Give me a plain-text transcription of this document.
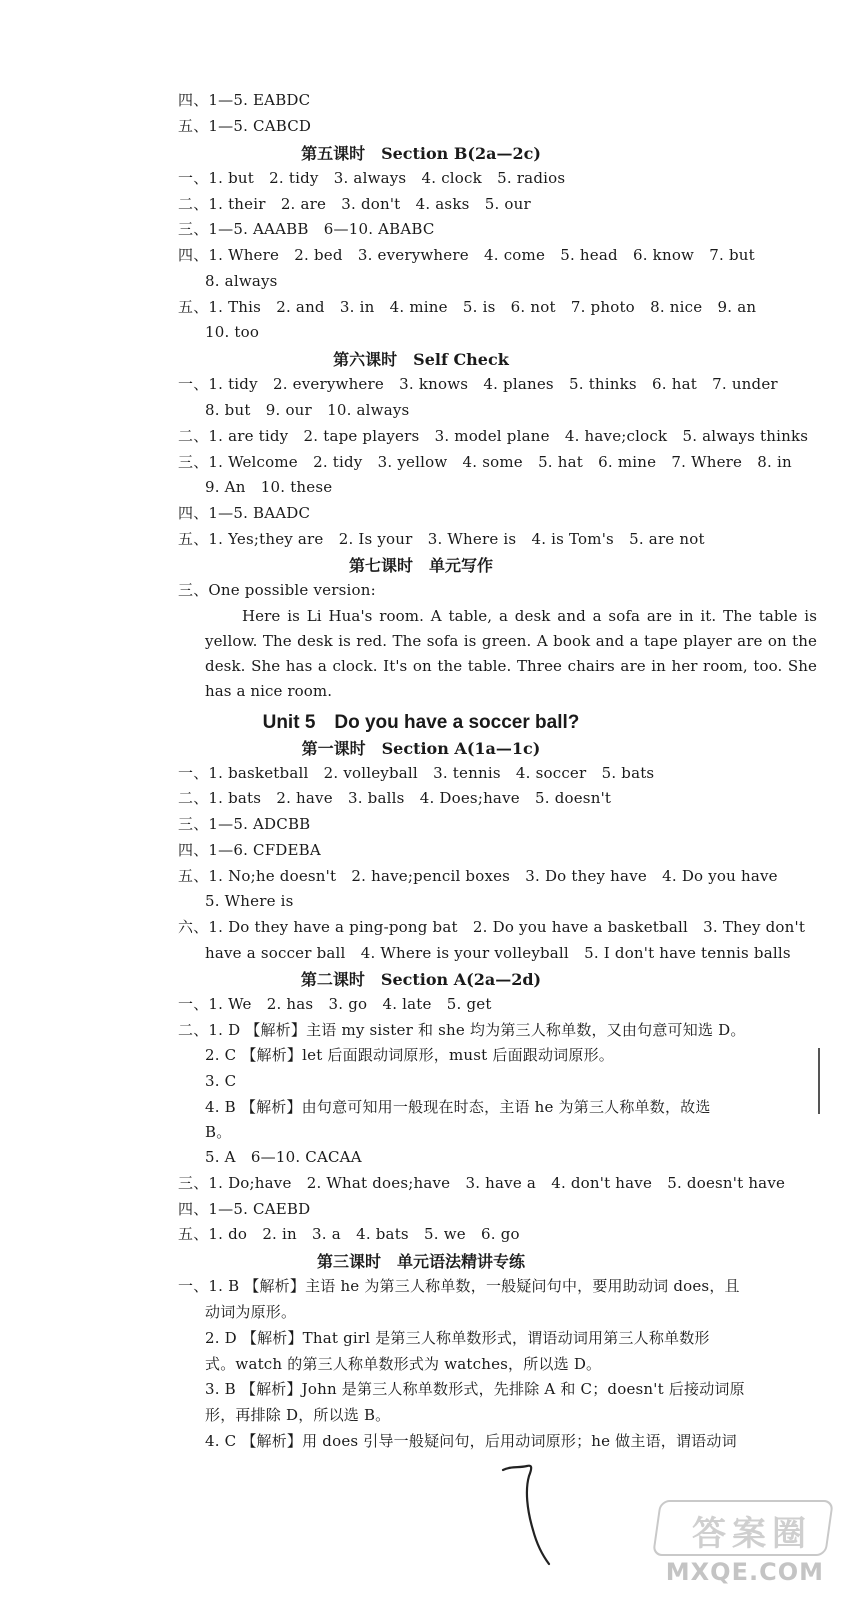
四、1—5. EABDC
五、1—5. CABCD
第五课时　Section B(2a—2c)
一、1. but　2. tidy　3. always　4. clock　5. radios
二、1. their　2. are　3. don't　4. asks　5. our
三、1—5. AAABB　6—10. ABABC
四、1. Where　2. bed　3. everywhere　4. come　5. head　6. know　7. but
8. always
五、1. This　2. and　3. in　4. mine　5. is　6. not　7. photo　8. nice　9. an
10. too
第六课时　Self Check
一、1. tidy　2. everywhere　3. knows　4. planes　5. thinks　6. hat　7. under
8. but　9. our　10. always
二、1. are tidy　2. tape players　3. model plane　4. have;clock　5. always thinks
三、1. Welcome　2. tidy　3. yellow　4. some　5. hat　6. mine　7. Where　8. in
9. An　10. these
四、1—5. BAADC
五、1. Yes;they are　2. Is your　3. Where is　4. is Tom's　5. are not
第七课时　单元写作
三、One possible version:
Here is Li Hua's room. A table, a desk and a sofa are in it. The table is yellow. The desk is red. The sofa is green. A book and a tape player are on the desk. She has a clock. It's on the table. Three chairs are in her room, too. She has a nice room.
Unit 5　Do you have a soccer ball?
第一课时　Section A(1a—1c)
一、1. basketball　2. volleyball　3. tennis　4. soccer　5. bats
二、1. bats　2. have　3. balls　4. Does;have　5. doesn't
三、1—5. ADCBB
四、1—6. CFDEBA
五、1. No;he doesn't　2. have;pencil boxes　3. Do they have　4. Do you have
5. Where is
六、1. Do they have a ping-pong bat　2. Do you have a basketball　3. They don't
have a soccer ball　4. Where is your volleyball　5. I don't have tennis balls
第二课时　Section A(2a—2d)
一、1. We　2. has　3. go　4. late　5. get
二、1. D 【解析】主语 my sister 和 she 均为第三人称单数，又由句意可知选 D。
2. C 【解析】let 后面跟动词原形，must 后面跟动词原形。
3. C
4. B 【解析】由句意可知用一般现在时态，主语 he 为第三人称单数，故选
B。
5. A　6—10. CACAA
三、1. Do;have　2. What does;have　3. have a　4. don't have　5. doesn't have
四、1—5. CAEBD
五、1. do　2. in　3. a　4. bats　5. we　6. go
第三课时　单元语法精讲专练
一、1. B 【解析】主语 he 为第三人称单数，一般疑问句中，要用助动词 does，且
动词为原形。
2. D 【解析】That girl 是第三人称单数形式，谓语动词用第三人称单数形
式。watch 的第三人称单数形式为 watches，所以选 D。
3. B 【解析】John 是第三人称单数形式，先排除 A 和 C；doesn't 后接动词原
形，再排除 D，所以选 B。
4. C 【解析】用 does 引导一般疑问句，后用动词原形；he 做主语，谓语动词
答案圈
MXQE.COM
